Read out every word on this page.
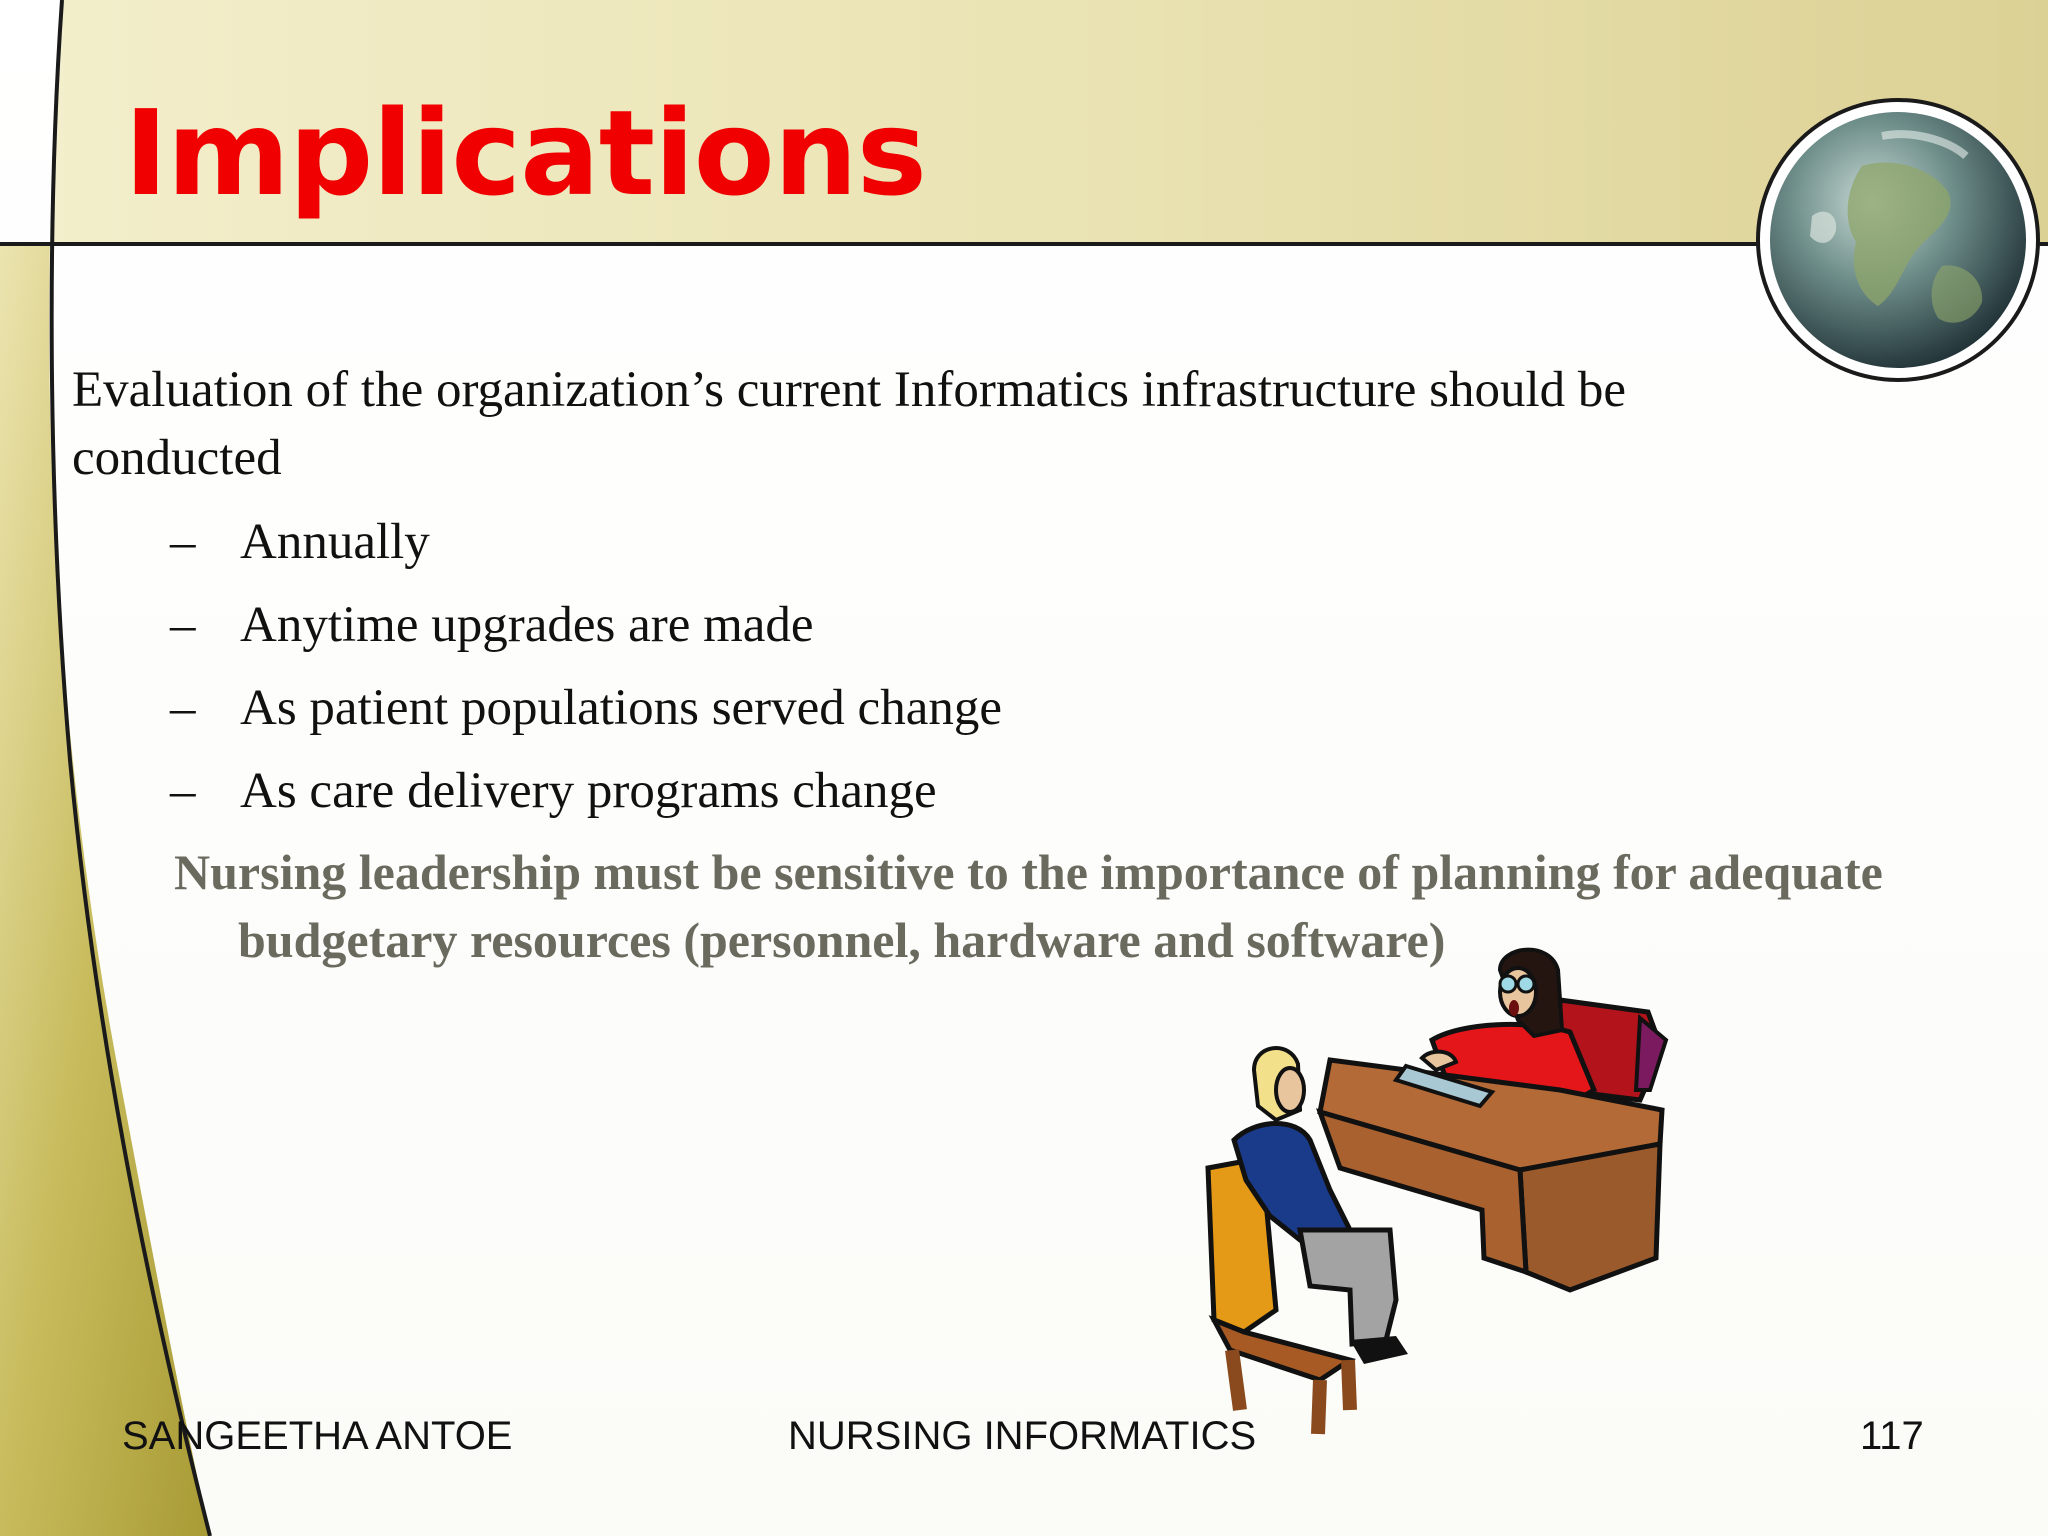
Implications

Evaluation of the organization’s current Informatics infrastructure should be conducted

– Annually
– Anytime upgrades are made
– As patient populations served change
– As care delivery programs change

Nursing leadership must be sensitive to the importance of planning for adequate budgetary resources (personnel, hardware and software)

SANGEETHA ANTOE	NURSING INFORMATICS	117
